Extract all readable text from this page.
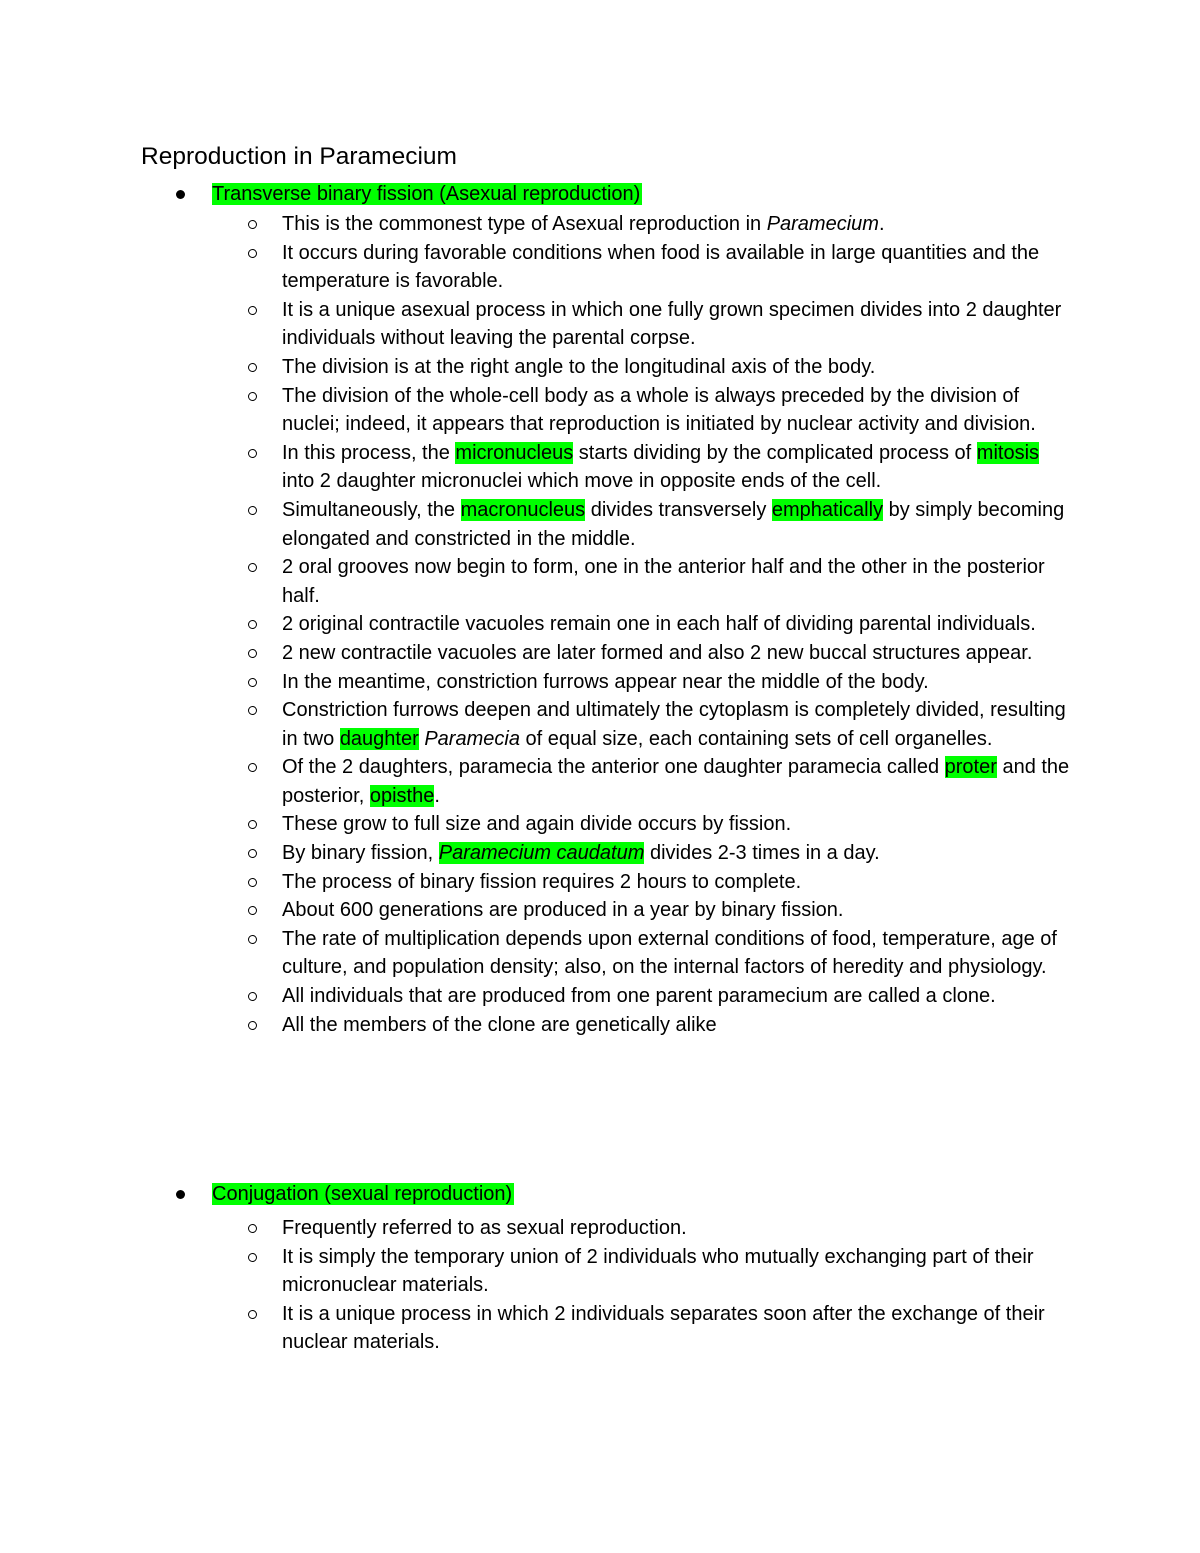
Reproduction in Paramecium
Transverse binary fission (Asexual reproduction)
This is the commonest type of Asexual reproduction in Paramecium.
It occurs during favorable conditions when food is available in large quantities and the temperature is favorable.
It is a unique asexual process in which one fully grown specimen divides into 2 daughter individuals without leaving the parental corpse.
The division is at the right angle to the longitudinal axis of the body.
The division of the whole-cell body as a whole is always preceded by the division of nuclei; indeed, it appears that reproduction is initiated by nuclear activity and division.
In this process, the micronucleus starts dividing by the complicated process of mitosis into 2 daughter micronuclei which move in opposite ends of the cell.
Simultaneously, the macronucleus divides transversely emphatically by simply becoming elongated and constricted in the middle.
2 oral grooves now begin to form, one in the anterior half and the other in the posterior half.
2 original contractile vacuoles remain one in each half of dividing parental individuals.
2 new contractile vacuoles are later formed and also 2 new buccal structures appear.
In the meantime, constriction furrows appear near the middle of the body.
Constriction furrows deepen and ultimately the cytoplasm is completely divided, resulting in two daughter Paramecia of equal size, each containing sets of cell organelles.
Of the 2 daughters, paramecia the anterior one daughter paramecia called proter and the posterior, opisthe.
These grow to full size and again divide occurs by fission.
By binary fission, Paramecium caudatum divides 2-3 times in a day.
The process of binary fission requires 2 hours to complete.
About 600 generations are produced in a year by binary fission.
The rate of multiplication depends upon external conditions of food, temperature, age of culture, and population density; also, on the internal factors of heredity and physiology.
All individuals that are produced from one parent paramecium are called a clone.
All the members of the clone are genetically alike
Conjugation (sexual reproduction)
Frequently referred to as sexual reproduction.
It is simply the temporary union of 2 individuals who mutually exchanging part of their micronuclear materials.
It is a unique process in which 2 individuals separates soon after the exchange of their nuclear materials.
